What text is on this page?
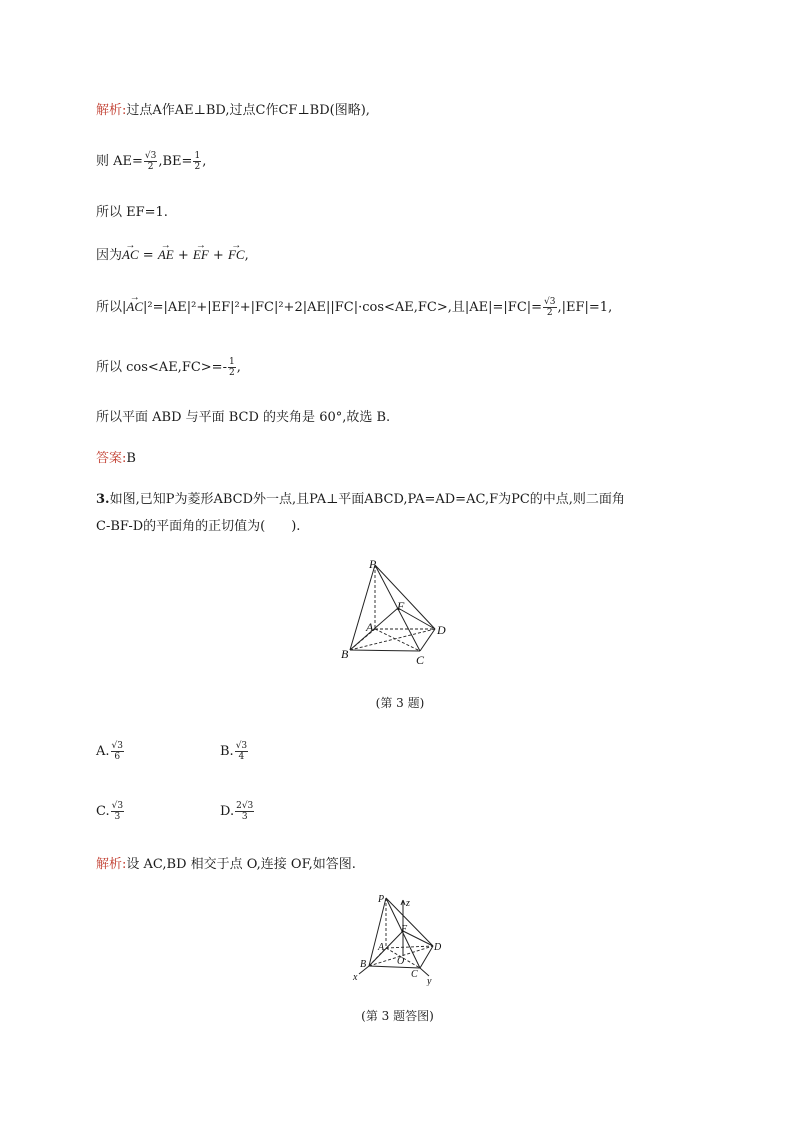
解析:过点A作AE⊥BD,过点C作CF⊥BD(图略),
则 $AE= \frac{√3}{2} ,BE= \frac{1}{2}$ ,
所以 EF=1.
因为→ AC = → AE + → EF + → FC,
所以|→ AC|²=|AE|²+|EF|²+|FC|²+2|AE||FC|·cos<AE,FC>,且$|AE|=|FC|= \frac{√3}{2} ,|EF|=1$,
所以 $\cos<AE,FC>=- \frac{1}{2}$ ,
所以平面 ABD 与平面 BCD 的夹角是 60°,故选 B.
答案:B
3.如图,已知P为菱形ABCD外一点,且PA⊥平面ABCD,PA=AD=AC,F为PC的中点,则二面角
C-BF-D的平面角的正切值为(　　).
P
F
A	D
B	C
(第 3 题)
A. $\frac{√3}{6}$	B. $\frac{√3}{4}$
C. $\frac{√3}{3}$	D. $\frac{2√3}{3}$
解析:设 AC,BD 相交于点 O,连接 OF,如答图.
P z
F
A	D
B	O
C
x	y
(第 3 题答图)
